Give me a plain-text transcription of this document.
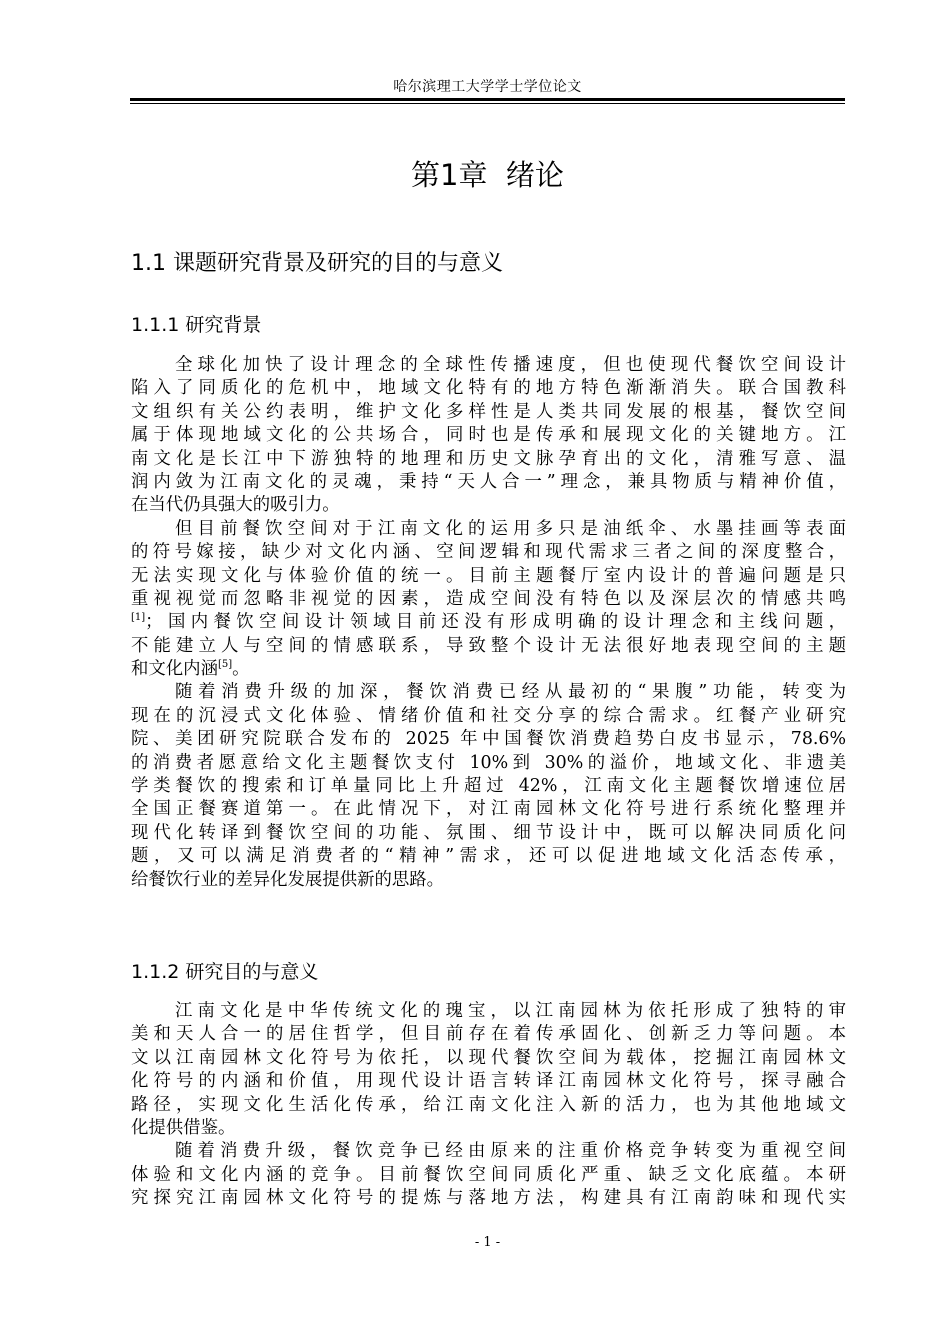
哈尔滨理工大学学士学位论文
第1章  绪论
1.1 课题研究背景及研究的目的与意义
1.1.1 研究背景
全球化加快了设计理念的全球性传播速度，但也使现代餐饮空间设计
陷入了同质化的危机中，地域文化特有的地方特色渐渐消失。联合国教科
文组织有关公约表明，维护文化多样性是人类共同发展的根基，餐饮空间
属于体现地域文化的公共场合，同时也是传承和展现文化的关键地方。江
南文化是长江中下游独特的地理和历史文脉孕育出的文化，清雅写意、温
润内敛为江南文化的灵魂，秉持“天人合一”理念，兼具物质与精神价值，
在当代仍具强大的吸引力。
但目前餐饮空间对于江南文化的运用多只是油纸伞、水墨挂画等表面
的符号嫁接，缺少对文化内涵、空间逻辑和现代需求三者之间的深度整合，
无法实现文化与体验价值的统一。目前主题餐厅室内设计的普遍问题是只
重视视觉而忽略非视觉的因素，造成空间没有特色以及深层次的情感共鸣
[1]；国内餐饮空间设计领域目前还没有形成明确的设计理念和主线问题，
不能建立人与空间的情感联系，导致整个设计无法很好地表现空间的主题
和文化内涵[5]。
随着消费升级的加深，餐饮消费已经从最初的“果腹”功能，转变为
现在的沉浸式文化体验、情绪价值和社交分享的综合需求。红餐产业研究
院、美团研究院联合发布的 2025 年中国餐饮消费趋势白皮书显示，78.6%
的消费者愿意给文化主题餐饮支付 10%到 30%的溢价，地域文化、非遗美
学类餐饮的搜索和订单量同比上升超过 42%，江南文化主题餐饮增速位居
全国正餐赛道第一。在此情况下，对江南园林文化符号进行系统化整理并
现代化转译到餐饮空间的功能、氛围、细节设计中，既可以解决同质化问
题，又可以满足消费者的“精神”需求，还可以促进地域文化活态传承，
给餐饮行业的差异化发展提供新的思路。
1.1.2 研究目的与意义
江南文化是中华传统文化的瑰宝，以江南园林为依托形成了独特的审
美和天人合一的居住哲学，但目前存在着传承固化、创新乏力等问题。本
文以江南园林文化符号为依托，以现代餐饮空间为载体，挖掘江南园林文
化符号的内涵和价值，用现代设计语言转译江南园林文化符号，探寻融合
路径，实现文化生活化传承，给江南文化注入新的活力，也为其他地域文
化提供借鉴。
随着消费升级，餐饮竞争已经由原来的注重价格竞争转变为重视空间
体验和文化内涵的竞争。目前餐饮空间同质化严重、缺乏文化底蕴。本研
究探究江南园林文化符号的提炼与落地方法，构建具有江南韵味和现代实
- 1 -
